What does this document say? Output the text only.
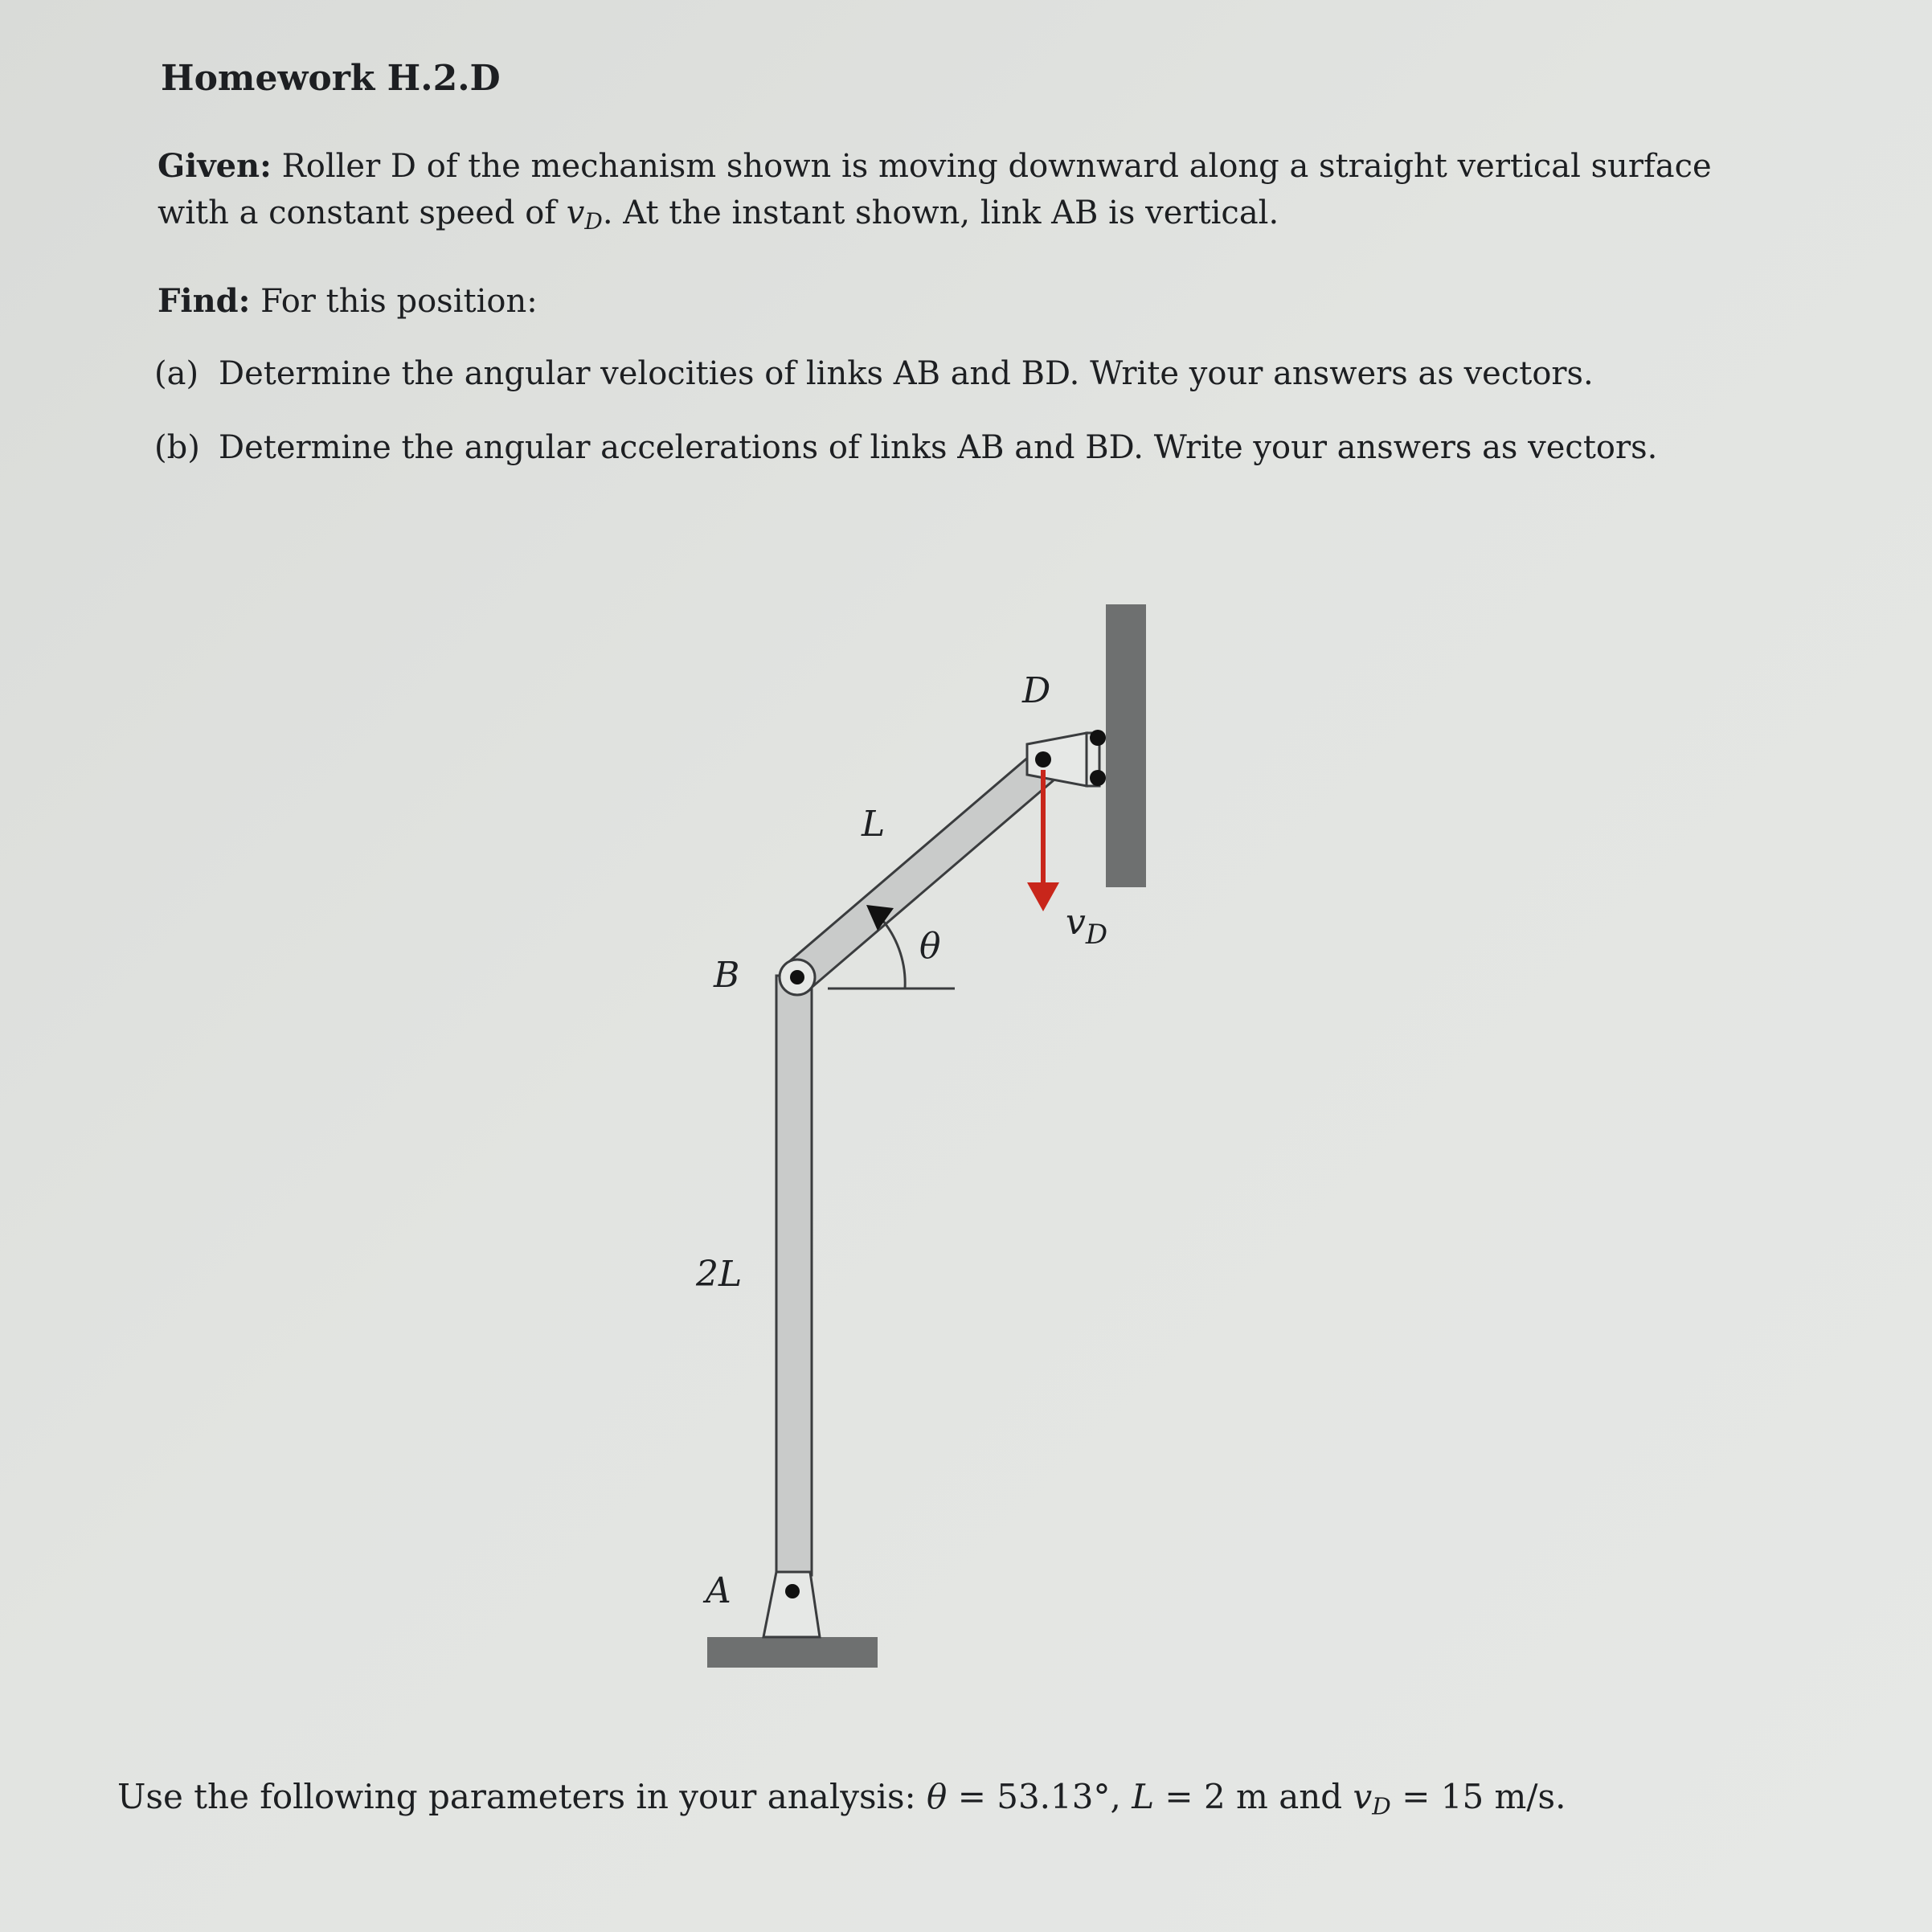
Homework H.2.D
Given: Roller D of the mechanism shown is moving downward along a straight vertical surface with a constant speed of $v_D$. At the instant shown, link AB is vertical.
Find: For this position:
(a) Determine the angular velocities of links AB and BD. Write your answers as vectors.
(b) Determine the angular accelerations of links AB and BD. Write your answers as vectors.
D
L
θ
B
2L
A
$v_D$
Use the following parameters in your analysis: θ = 53.13°, L = 2 m and $v_D = 15$ m/s.
